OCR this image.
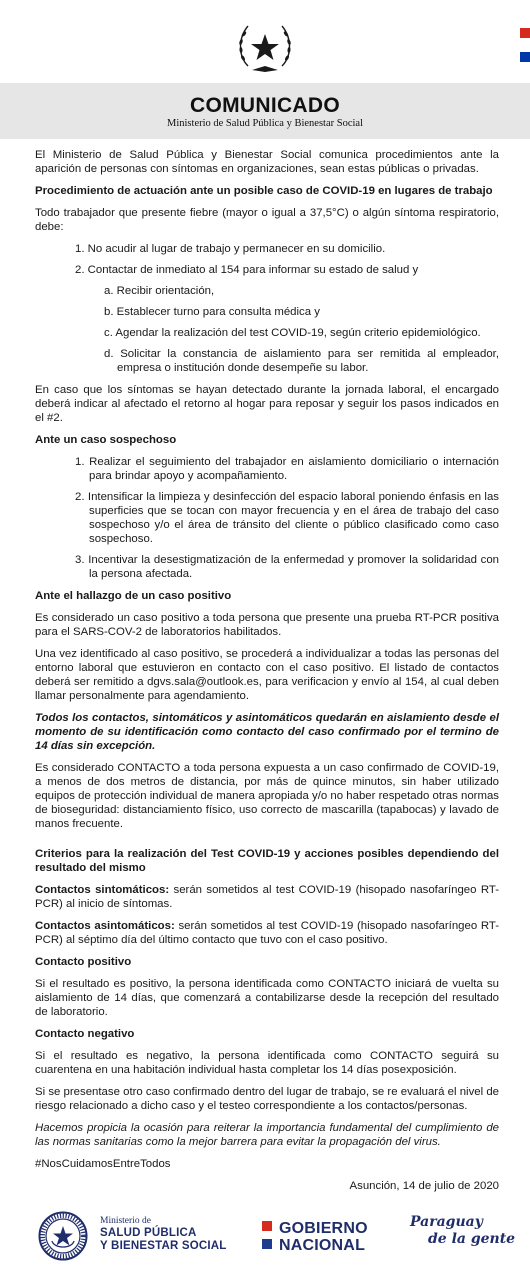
COMUNICADO
Ministerio de Salud Pública y Bienestar Social

El Ministerio de Salud Pública y Bienestar Social comunica procedimientos ante la aparición de personas con síntomas en organizaciones, sean estas públicas o privadas.

Procedimiento de actuación ante un posible caso de COVID-19 en lugares de trabajo

Todo trabajador que presente fiebre (mayor o igual a 37,5°C) o algún síntoma respiratorio, debe:

1. No acudir al lugar de trabajo y permanecer en su domicilio.
2. Contactar de inmediato al 154 para informar su estado de salud y
a. Recibir orientación,
b. Establecer turno para consulta médica y
c. Agendar la realización del test COVID-19, según criterio epidemiológico.
d. Solicitar la constancia de aislamiento para ser remitida al empleador, empresa o institución donde desempeñe su labor.

En caso que los síntomas se hayan detectado durante la jornada laboral, el encargado deberá indicar al afectado el retorno al hogar para reposar y seguir los pasos indicados en el #2.

Ante un caso sospechoso
1. Realizar el seguimiento del trabajador en aislamiento domiciliario o internación para brindar apoyo y acompañamiento.
2. Intensificar la limpieza y desinfección del espacio laboral poniendo énfasis en las superficies que se tocan con mayor frecuencia y en el área de trabajo del caso sospechoso y/o el área de tránsito del cliente o público clasificado como caso sospechoso.
3. Incentivar la desestigmatización de la enfermedad y promover la solidaridad con la persona afectada.
Ante el hallazgo de un caso positivo

Es considerado un caso positivo a toda persona que presente una prueba RT-PCR positiva para el SARS-COV-2 de laboratorios habilitados.

Una vez identificado al caso positivo, se procederá a individualizar a todas las personas del entorno laboral que estuvieron en contacto con el caso positivo. El listado de contactos deberá ser remitido a dgvs.sala@outlook.es, para verificacion y envío al 154, al cual deben llamar personalmente para agendamiento.

Todos los contactos, sintomáticos y asintomáticos quedarán en aislamiento desde el momento de su identificación como contacto del caso confirmado por el termino de 14 días sin excepción.

Es considerado CONTACTO a toda persona expuesta a un caso confirmado de COVID-19, a menos de dos metros de distancia, por más de quince minutos, sin haber utilizado equipos de protección individual de manera apropiada y/o no haber respetado otras normas de bioseguridad: distanciamiento físico, uso correcto de mascarilla (tapabocas) y lavado de manos frecuente.

Criterios para la realización del Test COVID-19 y acciones posibles dependiendo del resultado del mismo

Contactos sintomáticos: serán sometidos al test COVID-19 (hisopado nasofaríngeo RT-PCR) al inicio de síntomas.

Contactos asintomáticos: serán sometidos al test COVID-19 (hisopado nasofaríngeo RT-PCR) al séptimo día del último contacto que tuvo con el caso positivo.

Contacto positivo

Si el resultado es positivo, la persona identificada como CONTACTO iniciará de vuelta su aislamiento de 14 días, que comenzará a contabilizarse desde la recepción del resultado de laboratorio.

Contacto negativo

Si el resultado es negativo, la persona identificada como CONTACTO seguirá su cuarentena en una habitación individual hasta completar los 14 días posexposición.

Si se presentase otro caso confirmado dentro del lugar de trabajo, se re evaluará el nivel de riesgo relacionado a dicho caso y el testeo correspondiente a los contactos/personas.

Hacemos propicia la ocasión para reiterar la importancia fundamental del cumplimiento de las normas sanitarias como la mejor barrera para evitar la propagación del virus.

#NosCuidamosEntreTodos

Asunción, 14 de julio de 2020

Ministerio de
SALUD PÚBLICA
Y BIENESTAR SOCIAL
GOBIERNO
NACIONAL
Paraguay
de la gente
